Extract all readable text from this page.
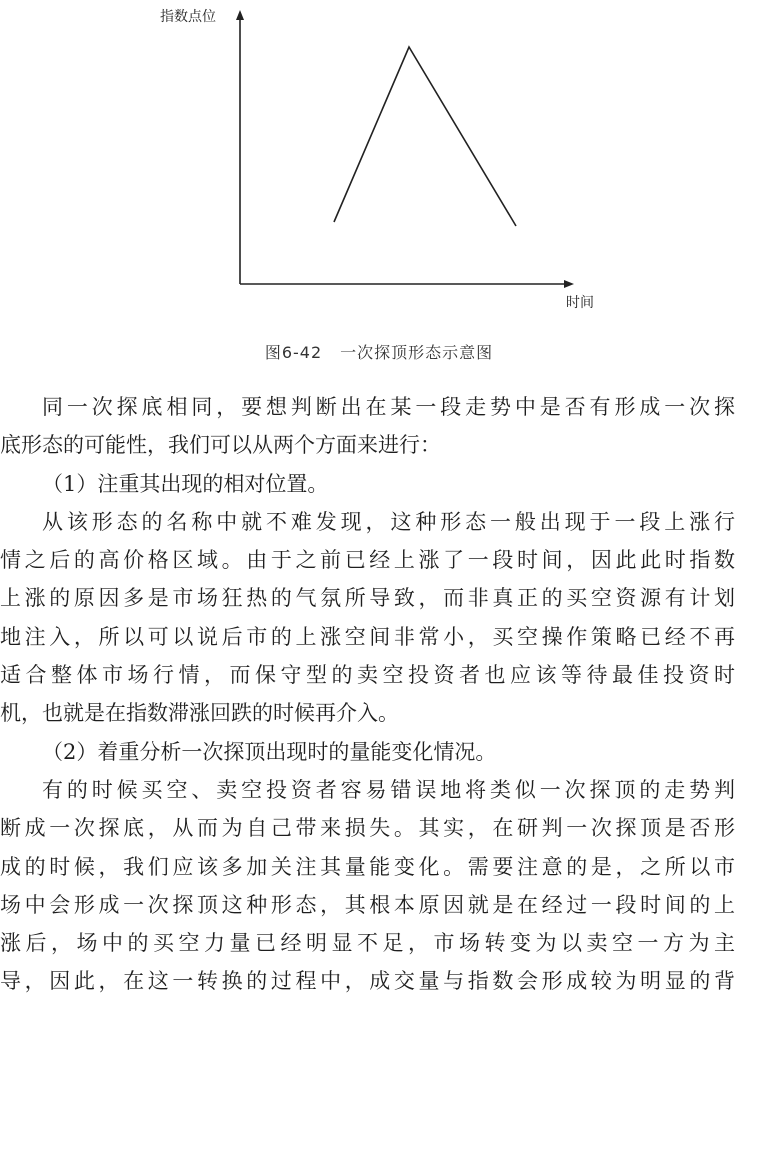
指数点位
时间
图6-42 一次探顶形态示意图
同一次探底相同，要想判断出在某一段走势中是否有形成一次探
底形态的可能性，我们可以从两个方面来进行：
（1）注重其出现的相对位置。
从该形态的名称中就不难发现，这种形态一般出现于一段上涨行
情之后的高价格区域。由于之前已经上涨了一段时间，因此此时指数
上涨的原因多是市场狂热的气氛所导致，而非真正的买空资源有计划
地注入，所以可以说后市的上涨空间非常小，买空操作策略已经不再
适合整体市场行情，而保守型的卖空投资者也应该等待最佳投资时
机，也就是在指数滞涨回跌的时候再介入。
（2）着重分析一次探顶出现时的量能变化情况。
有的时候买空、卖空投资者容易错误地将类似一次探顶的走势判
断成一次探底，从而为自己带来损失。其实，在研判一次探顶是否形
成的时候，我们应该多加关注其量能变化。需要注意的是，之所以市
场中会形成一次探顶这种形态，其根本原因就是在经过一段时间的上
涨后，场中的买空力量已经明显不足，市场转变为以卖空一方为主
导，因此，在这一转换的过程中，成交量与指数会形成较为明显的背
